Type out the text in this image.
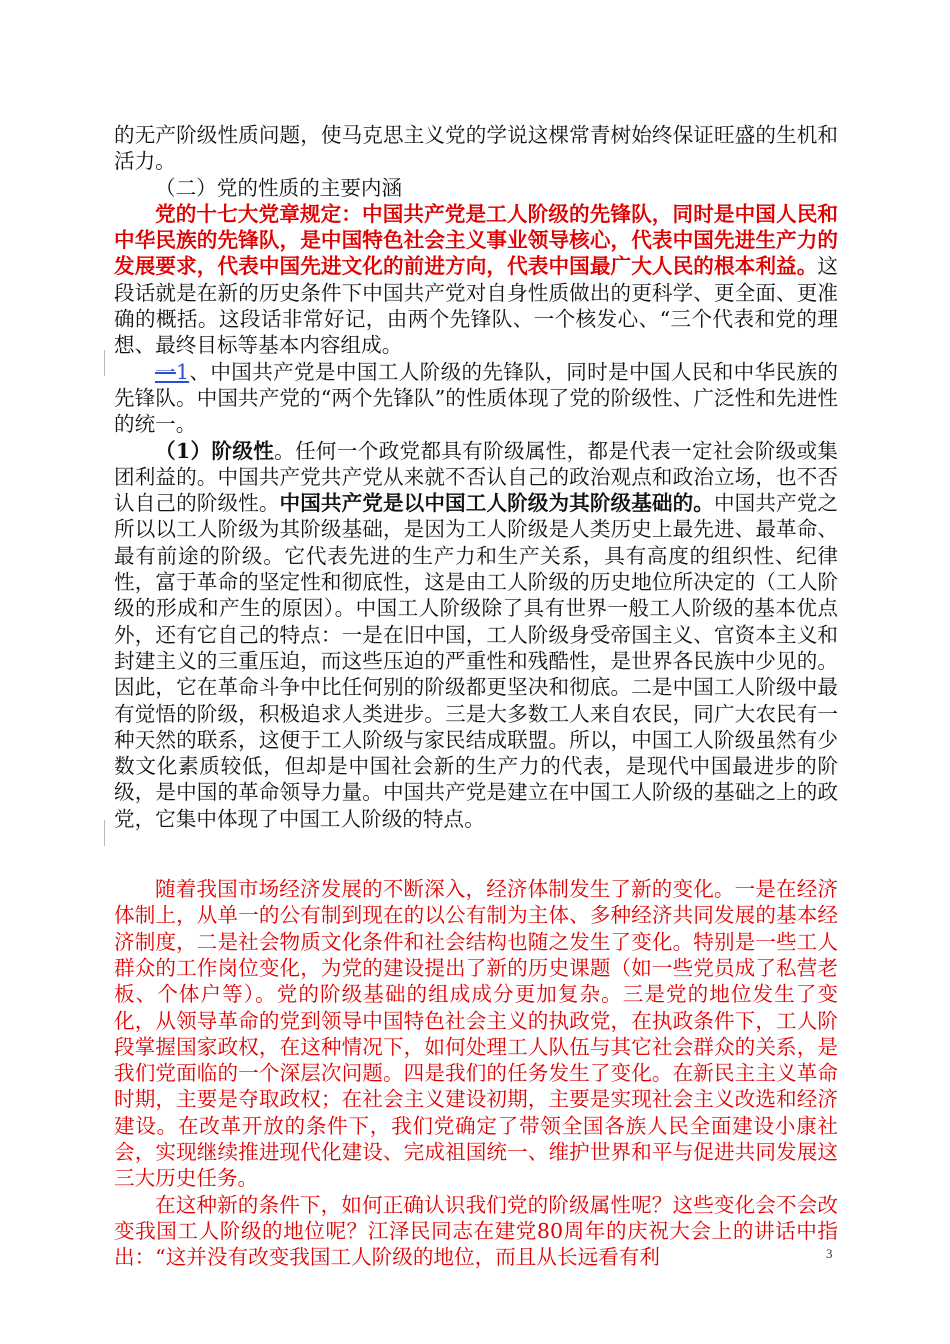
的无产阶级性质问题，使马克思主义党的学说这棵常青树始终保证旺盛的生机和活力。

（二）党的性质的主要内涵

党的十七大党章规定：中国共产党是工人阶级的先锋队，同时是中国人民和中华民族的先锋队，是中国特色社会主义事业领导核心，代表中国先进生产力的发展要求，代表中国先进文化的前进方向，代表中国最广大人民的根本利益。这段话就是在新的历史条件下中国共产党对自身性质做出的更科学、更全面、更准确的概括。这段话非常好记，由两个先锋队、一个核发心、“三个代表和党的理想、最终目标等基本内容组成。

一1、中国共产党是中国工人阶级的先锋队，同时是中国人民和中华民族的先锋队。中国共产党的“两个先锋队”的性质体现了党的阶级性、广泛性和先进性的统一。

（1）阶级性。任何一个政党都具有阶级属性，都是代表一定社会阶级或集团利益的。中国共产党共产党从来就不否认自己的政治观点和政治立场，也不否认自己的阶级性。中国共产党是以中国工人阶级为其阶级基础的。中国共产党之所以以工人阶级为其阶级基础，是因为工人阶级是人类历史上最先进、最革命、最有前途的阶级。它代表先进的生产力和生产关系，具有高度的组织性、纪律性，富于革命的坚定性和彻底性，这是由工人阶级的历史地位所决定的（工人阶级的形成和产生的原因）。中国工人阶级除了具有世界一般工人阶级的基本优点外，还有它自己的特点：一是在旧中国，工人阶级身受帝国主义、官资本主义和封建主义的三重压迫，而这些压迫的严重性和残酷性，是世界各民族中少见的。因此，它在革命斗争中比任何别的阶级都更坚决和彻底。二是中国工人阶级中最有觉悟的阶级，积极追求人类进步。三是大多数工人来自农民，同广大农民有一种天然的联系，这便于工人阶级与家民结成联盟。所以，中国工人阶级虽然有少数文化素质较低，但却是中国社会新的生产力的代表，是现代中国最进步的阶级，是中国的革命领导力量。中国共产党是建立在中国工人阶级的基础之上的政党，它集中体现了中国工人阶级的特点。

随着我国市场经济发展的不断深入，经济体制发生了新的变化。一是在经济体制上，从单一的公有制到现在的以公有制为主体、多种经济共同发展的基本经济制度，二是社会物质文化条件和社会结构也随之发生了变化。特别是一些工人群众的工作岗位变化，为党的建设提出了新的历史课题（如一些党员成了私营老板、个体户等）。党的阶级基础的组成成分更加复杂。三是党的地位发生了变化，从领导革命的党到领导中国特色社会主义的执政党，在执政条件下，工人阶段掌握国家政权，在这种情况下，如何处理工人队伍与其它社会群众的关系，是我们党面临的一个深层次问题。四是我们的任务发生了变化。在新民主主义革命时期，主要是夺取政权；在社会主义建设初期，主要是实现社会主义改选和经济建设。在改革开放的条件下，我们党确定了带领全国各族人民全面建设小康社会，实现继续推进现代化建设、完成祖国统一、维护世界和平与促进共同发展这三大历史任务。

在这种新的条件下，如何正确认识我们党的阶级属性呢？这些变化会不会改变我国工人阶级的地位呢？江泽民同志在建党80周年的庆祝大会上的讲话中指出：“这并没有改变我国工人阶级的地位，而且从长远看有利	3
